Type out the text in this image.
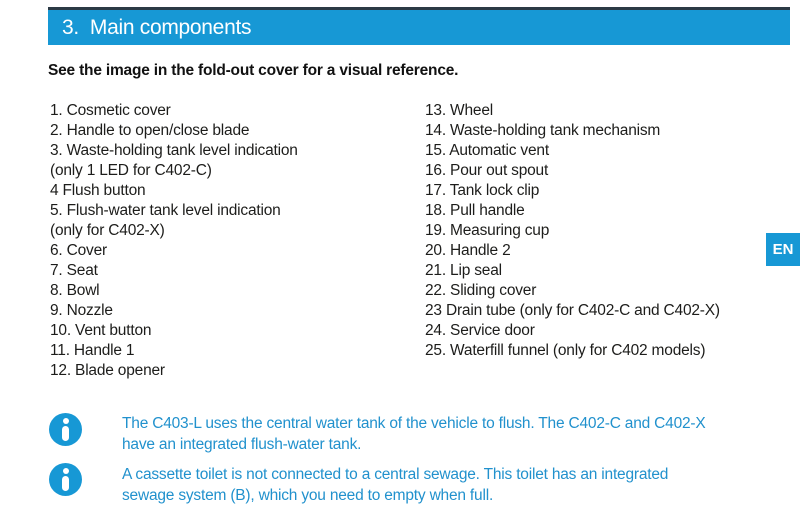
3. Main components
See the image in the fold-out cover for a visual reference.
1. Cosmetic cover
2. Handle to open/close blade
3. Waste-holding tank level indication
(only 1 LED for C402-C)
4 Flush button
5. Flush-water tank level indication
(only for C402-X)
6. Cover
7. Seat
8. Bowl
9. Nozzle
10. Vent button
11. Handle 1
12. Blade opener
13. Wheel
14. Waste-holding tank mechanism
15. Automatic vent
16. Pour out spout
17. Tank lock clip
18. Pull handle
19. Measuring cup
20. Handle 2
21. Lip seal
22. Sliding cover
23 Drain tube (only for C402-C and C402-X)
24. Service door
25. Waterfill funnel (only for C402 models)
EN
The C403-L uses the central water tank of the vehicle to flush. The C402-C and C402-X
have an integrated flush-water tank.
A cassette toilet is not connected to a central sewage. This toilet has an integrated
sewage system (B), which you need to empty when full.
